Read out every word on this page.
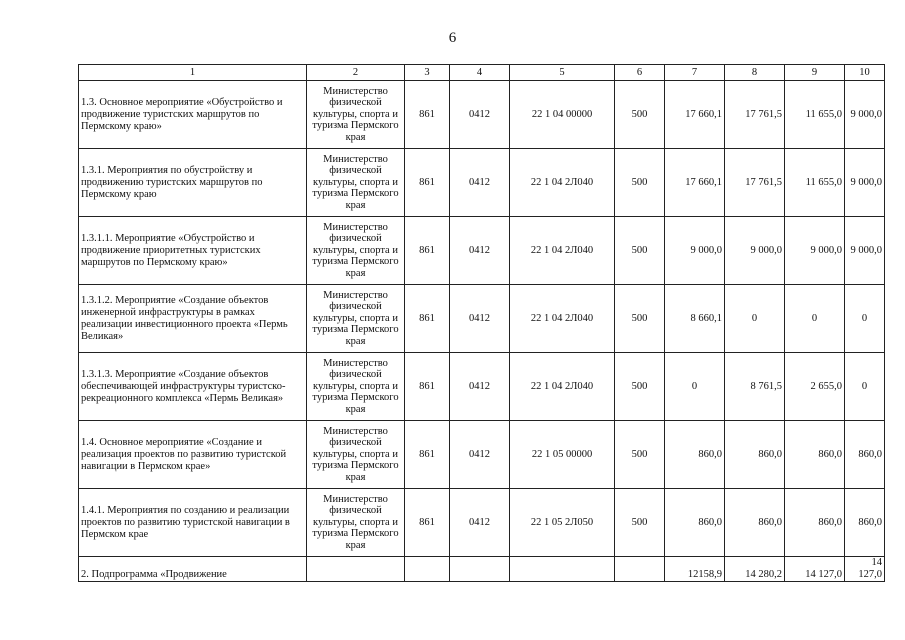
6
1	2	3	4	5	6	7	8	9	10
1.3. Основное мероприятие «Обустройство и продвижение туристских маршрутов по Пермскому краю»	Министерство физической культуры, спорта и туризма Пермского края	861	0412	22 1 04 00000	500	17 660,1	17 761,5	11 655,0	9 000,0
1.3.1. Мероприятия по обустройству и продвижению туристских маршрутов по Пермскому краю	Министерство физической культуры, спорта и туризма Пермского края	861	0412	22 1 04 2Л040	500	17 660,1	17 761,5	11 655,0	9 000,0
1.3.1.1. Мероприятие «Обустройство и продвижение приоритетных туристских маршрутов по Пермскому краю»	Министерство физической культуры, спорта и туризма Пермского края	861	0412	22 1 04 2Л040	500	9 000,0	9 000,0	9 000,0	9 000,0
1.3.1.2. Мероприятие «Создание объектов инженерной инфраструктуры в рамках реализации инвестиционного проекта «Пермь Великая»	Министерство физической культуры, спорта и туризма Пермского края	861	0412	22 1 04 2Л040	500	8 660,1	0	0	0
1.3.1.3. Мероприятие «Создание объектов обеспечивающей инфраструктуры туристско-рекреационного комплекса «Пермь Великая»	Министерство физической культуры, спорта и туризма Пермского края	861	0412	22 1 04 2Л040	500	0	8 761,5	2 655,0	0
1.4. Основное мероприятие «Создание и реализация проектов по развитию туристской навигации в Пермском крае»	Министерство физической культуры, спорта и туризма Пермского края	861	0412	22 1 05 00000	500	860,0	860,0	860,0	860,0
1.4.1. Мероприятия по созданию и реализации проектов по развитию туристской навигации в Пермском крае	Министерство физической культуры, спорта и туризма Пермского края	861	0412	22 1 05 2Л050	500	860,0	860,0	860,0	860,0
2. Подпрограмма «Продвижение						12158,9	14 280,2	14 127,0	14 127,0
